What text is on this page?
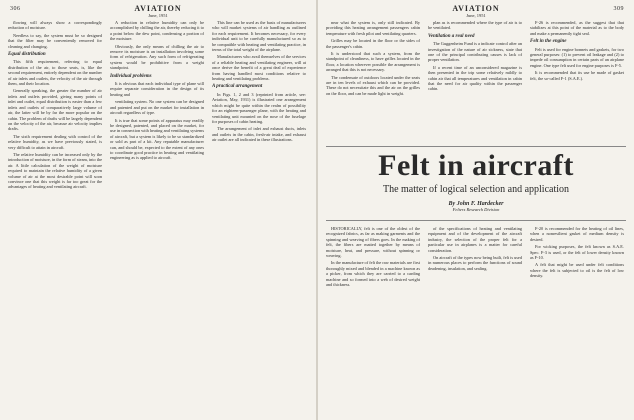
306	AVIATION
June, 1951

flowing will always show a correspondingly reduction of moisture.

Needless to say, the system must be so designed that the filter may be conveniently removed for cleaning and changing.

Equal distribution

This fifth requirement, referring to equal distribution of the air, to those seats, is, like the second requirement, entirely dependent on the number of air inlets and outlets, the velocity of the air through them, and their location.

Generally speaking, the greater the number of air inlets and outlets provided, giving many points of inlet and outlet, equal distribution is easier than a few inlets and outlets of comparatively large volume of air, the latter will be by far the more popular on the cabin. The problem of drafts will be largely dependent on the velocity of the air, because air velocity implies drafts.

The sixth requirement dealing with control of the relative humidity, as we have previously stated, is very difficult to attain in aircraft.

The relative humidity can be increased only by the introduction of moisture, in the form of steam, into the air. A little calculation of the weight of moisture required to maintain the relative humidity of a given volume of air at the most desirable point will soon convince one that this weight is far too great for the advantages of heating and ventilating aircraft.

A reduction in relative humidity can only be accomplished by chilling the air, thereby reducing it to a point below the dew point, condensing a portion of the moisture.

Obviously, the only means of chilling the air to remove its moisture is an installation involving some form of refrigeration. Any such form of refrigerating system would be prohibitive from a weight standpoint.

Individual problems

It is obvious that each individual type of plane will require separate consideration in the design of its heating and

ventilating system. No one system can be designed and patented and put on the market for installation in aircraft regardless of type.

It is true that some points of apparatus may readily be designed, patented, and placed on the market, for use in connection with heating and ventilating systems of aircraft, but a system is likely to be so standardized or sold as part of a kit. Any reputable manufacturer can, and should be, expected to the extent of any ones to coordinate good practice in heating and ventilating engineering as is applied to aircraft.

This line can be used as the basis of manufacturers who will market systems of air handling as outlined for each requirement. It becomes necessary, for every individual unit to be carefully manufactured so as to be compatible with heating and ventilating practice, in terms of the total weight of the airplane.

Manufacturers who avail themselves of the services of a reliable heating and ventilating engineer, will at once derive the benefit of a great deal of experience from having handled most conditions relative to heating and ventilating problems.

A practical arrangement

In Figs. 1, 2 and 3 (reprinted from article, see: Aviation, May, 1931) is illustrated one arrangement which might be quite within the realm of possibility for an eighteen-passenger plane, with the heating and ventilating unit mounted on the nose of the fuselage for purposes of cabin heating.

The arrangement of inlet and exhaust ducts, inlets and outlets in the cabin, fresh-air intake, and exhaust air outlet are all indicated in these illustrations.

AVIATION
June, 1951
309

near what the system is, only still indicated. By providing this heating arrangement passengers cabin temperature with fresh pilot and ventilating quarters.

Grilles may be located in the floor or the sides of the passenger's cabin.

It is understood that such a system, from the standpoint of cleanliness, to have grilles located in the floor, a location wherever possible the arrangement is arranged that this is not necessary.

The condensate of outdoors located under the seats are in ten levels of exhaust which can be provided. These do not necessitate this and the air on the grilles on the floor, and can be made light in weight.

plan as is recommended where the type of air is to be ventilated.

Ventilation a real need

The Guggenheim Fund is a indicate control after an investigation of the nature of air sickness, state that one of the principal contributing causes is lack of proper ventilation.

If a recent time of an unconsidered magazine is then presented in the trip some relatively mildly to cabin air that all temperatures and ventilation in cabin that the need for air quality within the passenger cabin.

F-26 is recommended, as the suggest that that stabilizes at this point of the material as to the body and make a permanently tight seal.

Felt in the engine

Felt is used for engine bonnets and gaskets, for two general purposes: (1) to prevent oil leakage and (2) to impede oil consumption in certain parts of an airplane engine. One type felt used for engine purposes is F-5.

It is recommended that its use be made of gasket felt, the so-called F-1 (S.A.E.).

Felt in aircraft
The matter of logical selection and application
By John F. Hardecker
Felters Research Division

HISTORICALLY, felt is one of the oldest of the recognized fabrics, as far as making garments and the spinning and weaving of fibers goes. In the making of felt, the fibers are matted together by means of moisture, heat, and pressure, without spinning or weaving.

In the manufacture of felt the raw materials are first thoroughly mixed and blended in a machine known as a picker, from which they are carried to a carding machine and so formed into a web of desired weight and thickness.

of the specifications of heating and ventilating equipment and of the development of the aircraft industry, the selection of the proper felt for a particular use in airplanes is a matter for careful consideration.

On aircraft of the types now being built, felt is used in numerous places to perform the functions of sound deadening, insulation, and sealing.

F-20 is recommended for the heating of oil lines, when a nonresilient gasket of medium density is desired.

For wicking purposes, the felt known as S.A.E. Spec. F-3 is used, or the felt of lower density known as F-10.

A felt that might be used under felt conditions where the felt is subjected to oil is the felt of low density.
